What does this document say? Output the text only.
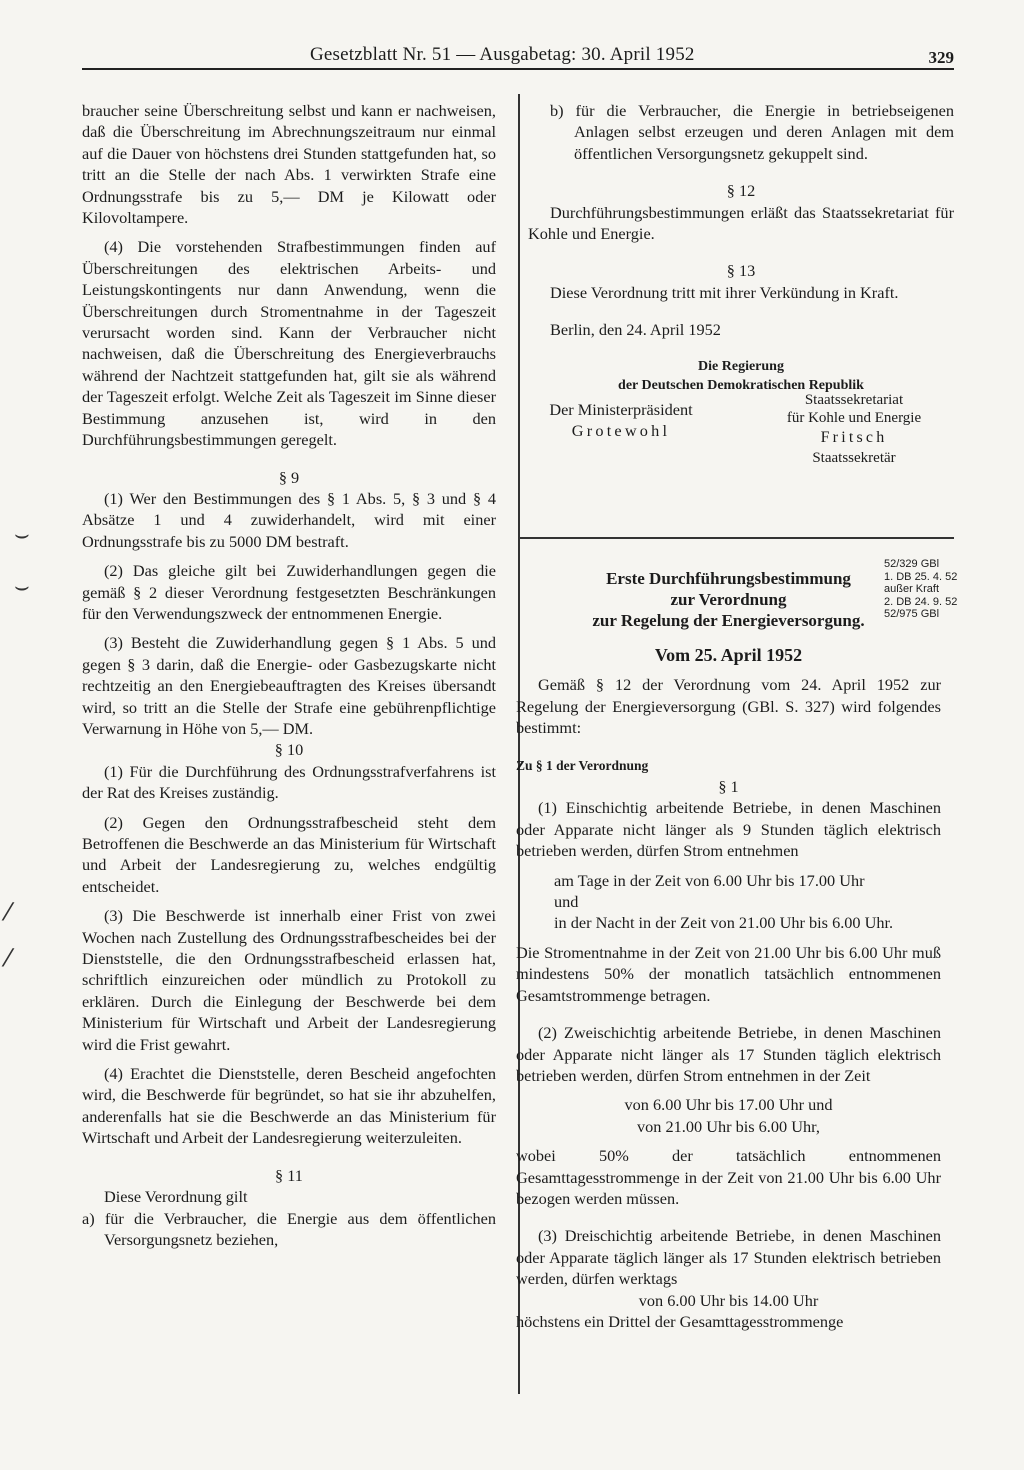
Gesetzblatt Nr. 51 — Ausgabetag: 30. April 1952	329
⌣
⌣
⁄
⁄

braucher seine Überschreitung selbst und kann er nachweisen, daß die Überschreitung im Abrechnungszeitraum nur einmal auf die Dauer von höchstens drei Stunden stattgefunden hat, so tritt an die Stelle der nach Abs. 1 verwirkten Strafe eine Ordnungsstrafe bis zu 5,— DM je Kilowatt oder Kilovoltampere.

(4) Die vorstehenden Strafbestimmungen finden auf Überschreitungen des elektrischen Arbeits- und Leistungskontingents nur dann Anwendung, wenn die Überschreitungen durch Stromentnahme in der Tageszeit verursacht worden sind. Kann der Verbraucher nicht nachweisen, daß die Überschreitung des Energieverbrauchs während der Nachtzeit stattgefunden hat, gilt sie als während der Tageszeit erfolgt. Welche Zeit als Tageszeit im Sinne dieser Bestimmung anzusehen ist, wird in den Durchführungsbestimmungen geregelt.

§ 9

(1) Wer den Bestimmungen des § 1 Abs. 5, § 3 und § 4 Absätze 1 und 4 zuwiderhandelt, wird mit einer Ordnungsstrafe bis zu 5000 DM bestraft.

(2) Das gleiche gilt bei Zuwiderhandlungen gegen die gemäß § 2 dieser Verordnung festgesetzten Beschränkungen für den Verwendungszweck der entnommenen Energie.

(3) Besteht die Zuwiderhandlung gegen § 1 Abs. 5 und gegen § 3 darin, daß die Energie- oder Gasbezugskarte nicht rechtzeitig an den Energiebeauftragten des Kreises übersandt wird, so tritt an die Stelle der Strafe eine gebührenpflichtige Verwarnung in Höhe von 5,— DM.

§ 10

(1) Für die Durchführung des Ordnungsstrafverfahrens ist der Rat des Kreises zuständig.

(2) Gegen den Ordnungsstrafbescheid steht dem Betroffenen die Beschwerde an das Ministerium für Wirtschaft und Arbeit der Landesregierung zu, welches endgültig entscheidet.

(3) Die Beschwerde ist innerhalb einer Frist von zwei Wochen nach Zustellung des Ordnungsstrafbescheides bei der Dienststelle, die den Ordnungsstrafbescheid erlassen hat, schriftlich einzureichen oder mündlich zu Protokoll zu erklären. Durch die Einlegung der Beschwerde bei dem Ministerium für Wirtschaft und Arbeit der Landesregierung wird die Frist gewahrt.

(4) Erachtet die Dienststelle, deren Bescheid angefochten wird, die Beschwerde für begründet, so hat sie ihr abzuhelfen, anderenfalls hat sie die Beschwerde an das Ministerium für Wirtschaft und Arbeit der Landesregierung weiterzuleiten.

§ 11

Diese Verordnung gilt

a) für die Verbraucher, die Energie aus dem öffentlichen Versorgungsnetz beziehen,

b) für die Verbraucher, die Energie in betriebseigenen Anlagen selbst erzeugen und deren Anlagen mit dem öffentlichen Versorgungsnetz gekuppelt sind.

§ 12

Durchführungsbestimmungen erläßt das Staatssekretariat für Kohle und Energie.

§ 13

Diese Verordnung tritt mit ihrer Verkündung in Kraft.

Berlin, den 24. April 1952

Die Regierung

der Deutschen Demokratischen Republik

Der Ministerpräsident
Grotewohl
Staatssekretariat
für Kohle und Energie
Fritsch
Staatssekretär
52/329 GBl
1. DB 25. 4. 52
außer Kraft
2. DB 24. 9. 52
52/975 GBl

Erste Durchführungsbestimmung

zur Verordnung

zur Regelung der Energieversorgung.

Vom 25. April 1952

Gemäß § 12 der Verordnung vom 24. April 1952 zur Regelung der Energieversorgung (GBl. S. 327) wird folgendes bestimmt:

Zu § 1 der Verordnung

§ 1

(1) Einschichtig arbeitende Betriebe, in denen Maschinen oder Apparate nicht länger als 9 Stunden täglich elektrisch betrieben werden, dürfen Strom entnehmen

am Tage in der Zeit von 6.00 Uhr bis 17.00 Uhr

und

in der Nacht in der Zeit von 21.00 Uhr bis 6.00 Uhr.

Die Stromentnahme in der Zeit von 21.00 Uhr bis 6.00 Uhr muß mindestens 50% der monatlich tatsächlich entnommenen Gesamtstrommenge betragen.

(2) Zweischichtig arbeitende Betriebe, in denen Maschinen oder Apparate nicht länger als 17 Stunden täglich elektrisch betrieben werden, dürfen Strom entnehmen in der Zeit

von 6.00 Uhr bis 17.00 Uhr und

von 21.00 Uhr bis 6.00 Uhr,

wobei 50% der tatsächlich entnommenen Gesamttagesstrommenge in der Zeit von 21.00 Uhr bis 6.00 Uhr bezogen werden müssen.

(3) Dreischichtig arbeitende Betriebe, in denen Maschinen oder Apparate täglich länger als 17 Stunden elektrisch betrieben werden, dürfen werktags

von 6.00 Uhr bis 14.00 Uhr

höchstens ein Drittel der Gesamttagesstrommenge
